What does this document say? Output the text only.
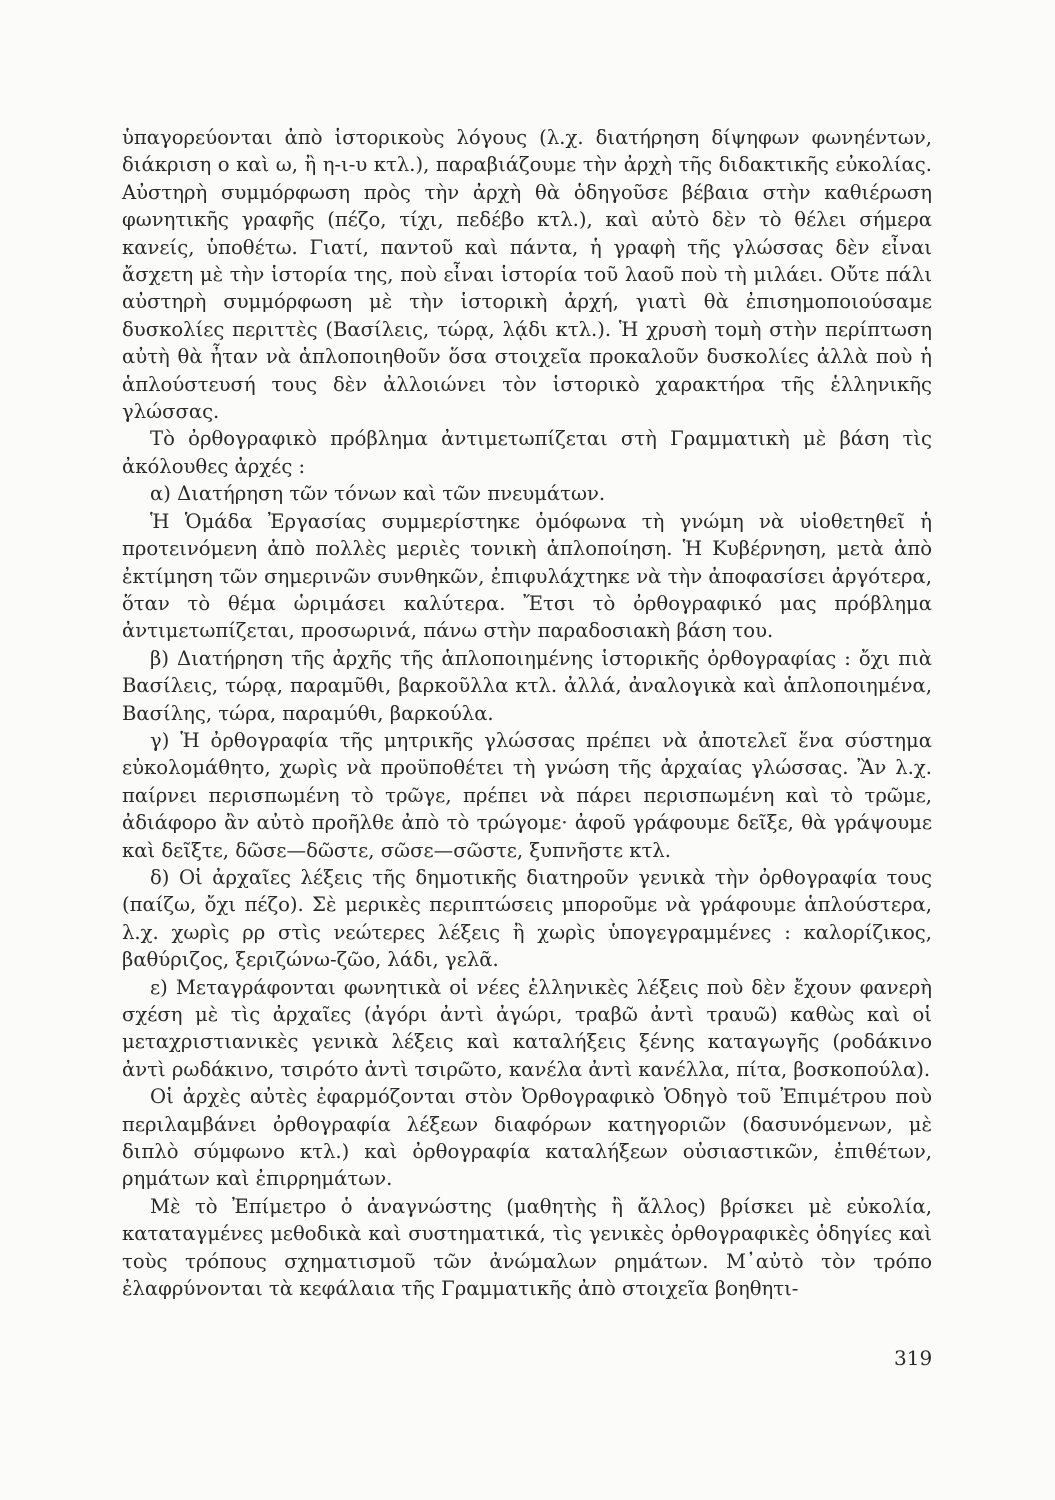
ὑπαγορεύονται ἀπὸ ἱστορικοὺς λόγους (λ.χ. διατήρηση δίψηφων φωνηέντων, διάκριση ο καὶ ω, ἢ η-ι-υ κτλ.), παραβιάζουμε τὴν ἀρχὴ τῆς διδακτικῆς εὐκολίας. Αὐστηρὴ συμμόρφωση πρὸς τὴν ἀρχὴ θὰ ὁδηγοῦσε βέβαια στὴν καθιέρωση φωνητικῆς γραφῆς (πέζο, τίχι, πεδέβο κτλ.), καὶ αὐτὸ δὲν τὸ θέλει σήμερα κανείς, ὑποθέτω. Γιατί, παντοῦ καὶ πάντα, ἡ γραφὴ τῆς γλώσσας δὲν εἶναι ἄσχετη μὲ τὴν ἱστορία της, ποὺ εἶναι ἱστορία τοῦ λαοῦ ποὺ τὴ μιλάει. Οὔτε πάλι αὐστηρὴ συμμόρφωση μὲ τὴν ἱστορικὴ ἀρχή, γιατὶ θὰ ἐπισημοποιούσαμε δυσκολίες περιττὲς (Βασίλεις, τώρᾳ, λᾴδι κτλ.). Ἡ χρυσὴ τομὴ στὴν περίπτωση αὐτὴ θὰ ἦταν νὰ ἁπλοποιηθοῦν ὅσα στοιχεῖα προκαλοῦν δυσκολίες ἀλλὰ ποὺ ἡ ἁπλούστευσή τους δὲν ἀλλοιώνει τὸν ἱστορικὸ χαρακτήρα τῆς ἑλληνικῆς γλώσσας.

Τὸ ὀρθογραφικὸ πρόβλημα ἀντιμετωπίζεται στὴ Γραμματικὴ μὲ βάση τὶς ἀκόλουθες ἀρχές :

α) Διατήρηση τῶν τόνων καὶ τῶν πνευμάτων.

Ἡ Ὁμάδα Ἐργασίας συμμερίστηκε ὁμόφωνα τὴ γνώμη νὰ υἱοθετηθεῖ ἡ προτεινόμενη ἀπὸ πολλὲς μεριὲς τονικὴ ἁπλοποίηση. Ἡ Κυβέρνηση, μετὰ ἀπὸ ἐκτίμηση τῶν σημερινῶν συνθηκῶν, ἐπιφυλάχτηκε νὰ τὴν ἀποφασίσει ἀργότερα, ὅταν τὸ θέμα ὡριμάσει καλύτερα. Ἔτσι τὸ ὀρθογραφικό μας πρόβλημα ἀντιμετωπίζεται, προσωρινά, πάνω στὴν παραδοσιακὴ βάση του.

β) Διατήρηση τῆς ἀρχῆς τῆς ἁπλοποιημένης ἱστορικῆς ὀρθογραφίας : ὄχι πιὰ Βασίλεις, τώρᾳ, παραμῦθι, βαρκοῦλλα κτλ. ἀλλά, ἀναλογικὰ καὶ ἁπλοποιημένα, Βασίλης, τώρα, παραμύθι, βαρκούλα.

γ) Ἡ ὀρθογραφία τῆς μητρικῆς γλώσσας πρέπει νὰ ἀποτελεῖ ἕνα σύστημα εὐκολομάθητο, χωρὶς νὰ προϋποθέτει τὴ γνώση τῆς ἀρχαίας γλώσσας. Ἂν λ.χ. παίρνει περισπωμένη τὸ τρῶγε, πρέπει νὰ πάρει περισπωμένη καὶ τὸ τρῶμε, ἀδιάφορο ἂν αὐτὸ προῆλθε ἀπὸ τὸ τρώγομε· ἀφοῦ γράφουμε δεῖξε, θὰ γράψουμε καὶ δεῖξτε, δῶσε—δῶστε, σῶσε—σῶστε, ξυπνῆστε κτλ.

δ) Οἱ ἀρχαῖες λέξεις τῆς δημοτικῆς διατηροῦν γενικὰ τὴν ὀρθογραφία τους (παίζω, ὄχι πέζο). Σὲ μερικὲς περιπτώσεις μποροῦμε νὰ γράφουμε ἁπλούστερα, λ.χ. χωρὶς ρρ στὶς νεώτερες λέξεις ἢ χωρὶς ὑπογεγραμμένες : καλορίζικος, βαθύριζος, ξεριζώνω-ζῶο, λάδι, γελᾶ.

ε) Μεταγράφονται φωνητικὰ οἱ νέες ἑλληνικὲς λέξεις ποὺ δὲν ἔχουν φανερὴ σχέση μὲ τὶς ἀρχαῖες (ἀγόρι ἀντὶ ἀγώρι, τραβῶ ἀντὶ τραυῶ) καθὼς καὶ οἱ μεταχριστιανικὲς γενικὰ λέξεις καὶ καταλήξεις ξένης καταγωγῆς (ροδάκινο ἀντὶ ρωδάκινο, τσιρότο ἀντὶ τσιρῶτο, κανέλα ἀντὶ κανέλλα, πίτα, βοσκοπούλα).

Οἱ ἀρχὲς αὐτὲς ἐφαρμόζονται στὸν Ὀρθογραφικὸ Ὁδηγὸ τοῦ Ἐπιμέτρου ποὺ περιλαμβάνει ὀρθογραφία λέξεων διαφόρων κατηγοριῶν (δασυνόμενων, μὲ διπλὸ σύμφωνο κτλ.) καὶ ὀρθογραφία καταλήξεων οὐσιαστικῶν, ἐπιθέτων, ρημάτων καὶ ἐπιρρημάτων.

Μὲ τὸ Ἐπίμετρο ὁ ἀναγνώστης (μαθητὴς ἢ ἄλλος) βρίσκει μὲ εὐκολία, καταταγμένες μεθοδικὰ καὶ συστηματικά, τὶς γενικὲς ὀρθογραφικὲς ὁδηγίες καὶ τοὺς τρόπους σχηματισμοῦ τῶν ἀνώμαλων ρημάτων. Μ᾿αὐτὸ τὸν τρόπο ἐλαφρύνονται τὰ κεφάλαια τῆς Γραμματικῆς ἀπὸ στοιχεῖα βοηθητι-

319
